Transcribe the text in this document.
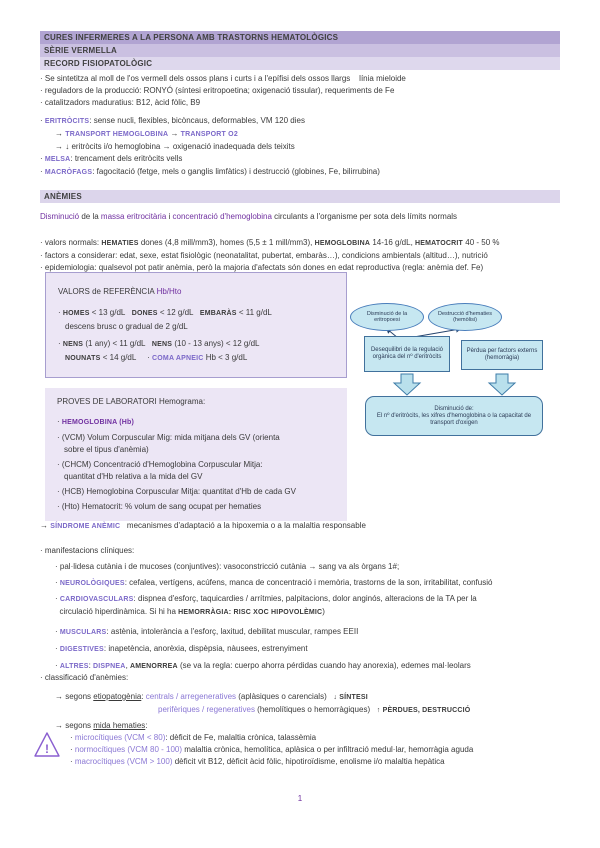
CURES INFERMERES A LA PERSONA AMB TRASTORNS HEMATOLÒGICS
SÈRIE VERMELLA
RECORD FISIOPATOLÒGIC
· Se sintetitza al moll de l'os vermell dels ossos plans i curts i a l'epífisi dels ossos llargs    línia mieloide
· reguladors de la producció: RONYÓ (síntesi eritropoetina; oxigenació tissular), requeriments de Fe
· catalitzadors maduratius: B12, àcid fòlic, B9
· ERITRÒCITS: sense nucli, flexibles, bicòncaus, deformables, VM 120 dies
→ TRANSPORT HEMOGLOBINA → TRANSPORT O2
→ ↓ eritròcits i/o hemoglobina → oxigenació inadequada dels teixits
· MELSA: trencament dels eritròcits vells
· MACRÒFAGS: fagocitació (fetge, mels o ganglis limfàtics) i destrucció (globines, Fe, bilirrubina)
ANÈMIES
Disminució de la massa eritrocitària i concentració d'hemoglobina circulants a l'organisme per sota dels límits normals
· valors normals: HEMATIES dones (4,8 mill/mm3), homes (5,5 ± 1 mill/mm3), HEMOGLOBINA 14-16 g/dL, HEMATOCRIT 40 - 50 %
· factors a considerar: edat, sexe, estat fisiològic (neonatalitat, pubertat, embaràs…), condicions ambientals (altitud…), nutrició
· epidemiologia: qualsevol pot patir anèmia, però la majoria d'afectats són dones en edat reproductiva (regla: anèmia def. Fe)
VALORS de REFERÈNCIA Hb/Hto
· HOMES < 13 g/dL   DONES < 12 g/dL   EMBARÀS < 11 g/dL
descens brusc o gradual de 2 g/dL
· NENS (1 any) < 11 g/dL   NENS (10 - 13 anys) < 12 g/dL
NOUNATS < 14 g/dL     · COMA APNEIC Hb < 3 g/dL
Disminució de la eritropoesi
Destrucció d'hematies (hemòlisi)
Desequilibri de la regulació orgànica del nº d'eritròcits
Pèrdua per factors externs (hemorràgia)
Disminució de:
El nº d'eritròcits, les xifres d'hemoglobina o la capacitat de transport d'oxigen
PROVES DE LABORATORI Hemograma:
· HEMOGLOBINA (Hb)
· (VCM) Volum Corpuscular Mig: mida mitjana dels GV (orienta
sobre el tipus d'anèmia)
· (CHCM) Concentració d'Hemoglobina Corpuscular Mitja:
quantitat d'Hb relativa a la mida del GV
· (HCB) Hemoglobina Corpuscular Mitja: quantitat d'Hb de cada GV
· (Hto) Hematocrit: % volum de sang ocupat per hematies
→ SÍNDROME ANÈMIC   mecanismes d'adaptació a la hipoxemia o a la malaltia responsable
· manifestacions clíniques:
· pal·lidesa cutània i de mucoses (conjuntives): vasoconstricció cutània → sang va als òrgans 1#;
· NEUROLÒGIQUES: cefalea, vertígens, acúfens, manca de concentració i memòria, trastorns de la son, irritabilitat, confusió
· CARDIOVASCULARS: dispnea d'esforç, taquicardies / arrítmies, palpitacions, dolor anginós, alteracions de la TA per la
circulació hiperdinàmica. Si hi ha HEMORRÀGIA: RISC XOC HIPOVOLÈMIC)
· MUSCULARS: astènia, intolerància a l'esforç, laxitud, debilitat muscular, rampes EEII
· DIGESTIVES: inapetència, anorèxia, dispèpsia, nàusees, estrenyiment
· ALTRES: DISPNEA, AMENORREA (se va la regla: cuerpo ahorra pérdidas cuando hay anorexia), edemes mal·leolars
· classificació d'anèmies:
→ segons etiopatogènia: centrals / arregeneratives (aplàsiques o carencials)   ↓ SÍNTESI
perifèriques / regeneratives (hemolítiques o hemorràgiques)   ↑ PÈRDUES, DESTRUCCIÓ
→ segons mida hematies:
· microcítiques (VCM < 80): dèficit de Fe, malaltia crònica, talassèmia
· normocítiques (VCM 80 - 100) malaltia crònica, hemolítica, aplàsica o per infiltració medul·lar, hemorràgia aguda
· macrocítiques (VCM > 100) dèficit vit B12, dèficit àcid fòlic, hipotiroïdisme, enolisme i/o malaltia hepàtica
!
1
